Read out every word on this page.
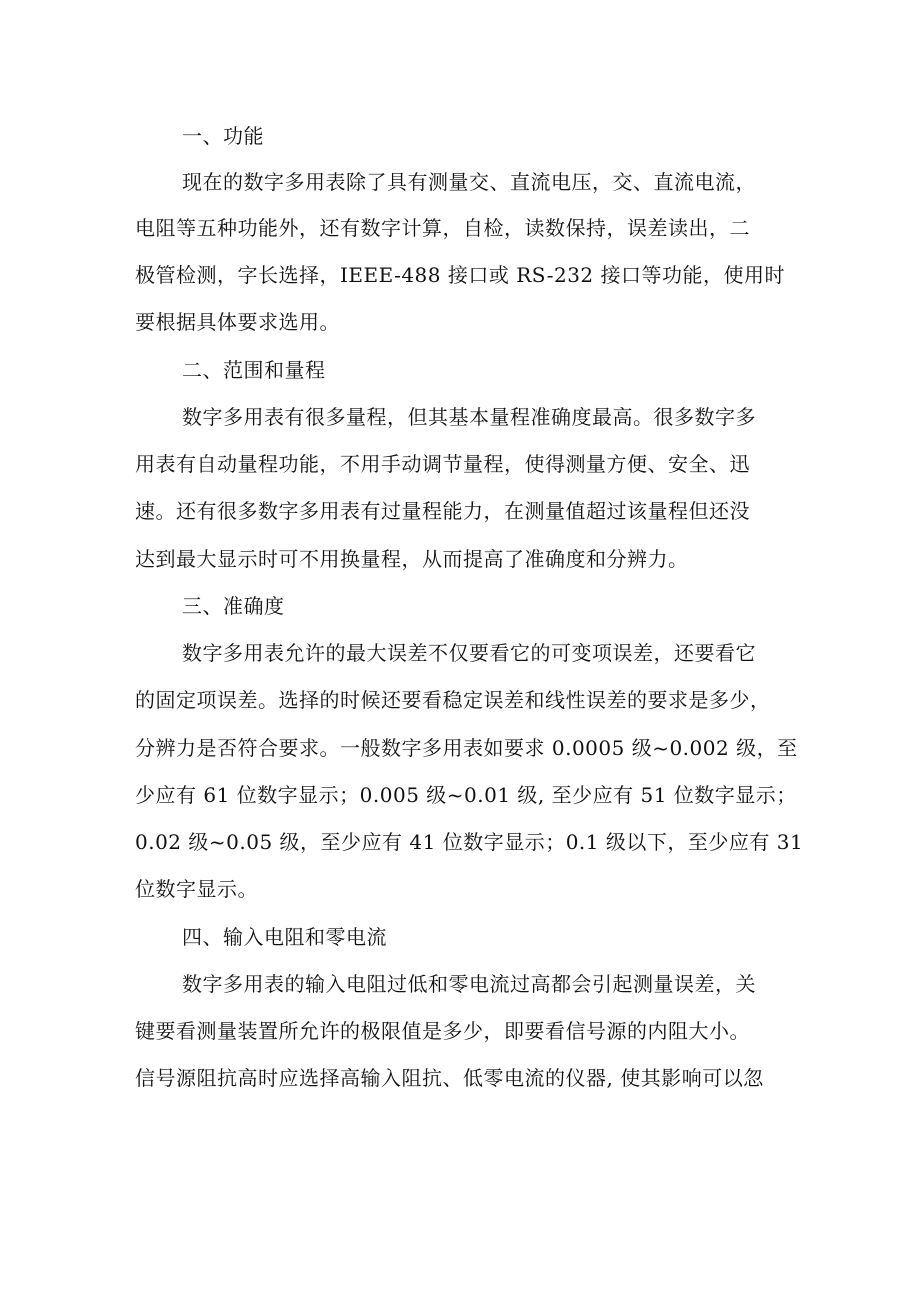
一、功能
现在的数字多用表除了具有测量交、直流电压，交、直流电流，
电阻等五种功能外，还有数字计算，自检，读数保持，误差读出，二
极管检测，字长选择，IEEE-488 接口或 RS-232 接口等功能，使用时
要根据具体要求选用。
二、范围和量程
数字多用表有很多量程，但其基本量程准确度最高。很多数字多
用表有自动量程功能，不用手动调节量程，使得测量方便、安全、迅
速。还有很多数字多用表有过量程能力，在测量值超过该量程但还没
达到最大显示时可不用换量程，从而提高了准确度和分辨力。
三、准确度
数字多用表允许的最大误差不仅要看它的可变项误差，还要看它
的固定项误差。选择的时候还要看稳定误差和线性误差的要求是多少，
分辨力是否符合要求。一般数字多用表如要求 0.0005 级~0.002 级，至
少应有 61 位数字显示；0.005 级~0.01 级, 至少应有 51 位数字显示；
0.02 级~0.05 级，至少应有 41 位数字显示；0.1 级以下，至少应有 31
位数字显示。
四、输入电阻和零电流
数字多用表的输入电阻过低和零电流过高都会引起测量误差，关
键要看测量装置所允许的极限值是多少，即要看信号源的内阻大小。
信号源阻抗高时应选择高输入阻抗、低零电流的仪器, 使其影响可以忽
